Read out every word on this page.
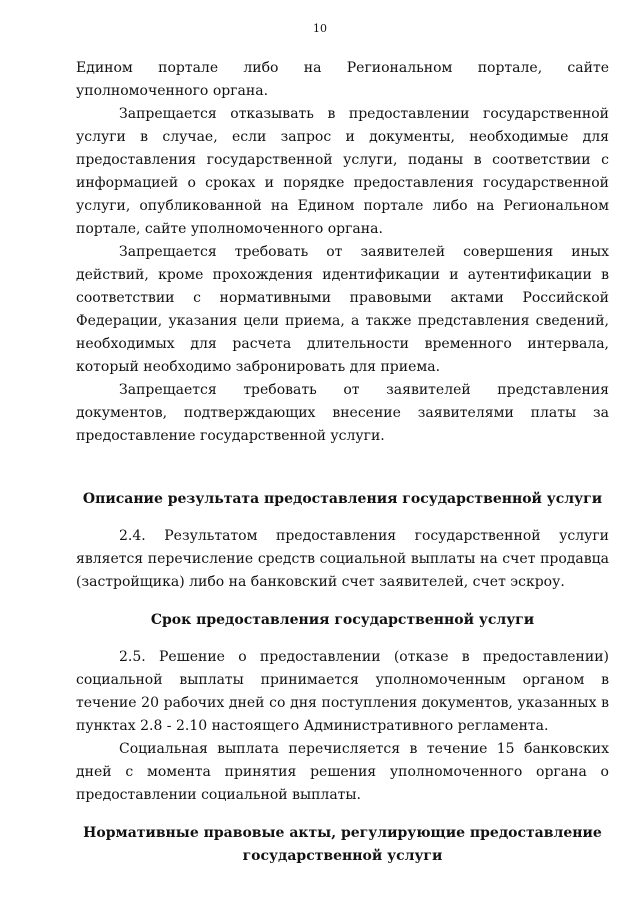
10

Едином портале либо на Региональном портале, сайте уполномоченного органа.

Запрещается отказывать в предоставлении государственной услуги в случае, если запрос и документы, необходимые для предоставления государственной услуги, поданы в соответствии с информацией о сроках и порядке предоставления государственной услуги, опубликованной на Едином портале либо на Региональном портале, сайте уполномоченного органа.

Запрещается требовать от заявителей совершения иных действий, кроме прохождения идентификации и аутентификации в соответствии с нормативными правовыми актами Российской Федерации, указания цели приема, а также представления сведений, необходимых для расчета длительности временного интервала, который необходимо забронировать для приема.

Запрещается требовать от заявителей представления документов, подтверждающих внесение заявителями платы за предоставление государственной услуги.

Описание результата предоставления государственной услуги

2.4. Результатом предоставления государственной услуги является перечисление средств социальной выплаты на счет продавца (застройщика) либо на банковский счет заявителей, счет эскроу.

Срок предоставления государственной услуги

2.5. Решение о предоставлении (отказе в предоставлении) социальной выплаты принимается уполномоченным органом в течение 20 рабочих дней со дня поступления документов, указанных в пунктах 2.8 - 2.10 настоящего Административного регламента.

Социальная выплата перечисляется в течение 15 банковских дней с момента принятия решения уполномоченного органа о предоставлении социальной выплаты.

Нормативные правовые акты, регулирующие предоставление
государственной услуги
